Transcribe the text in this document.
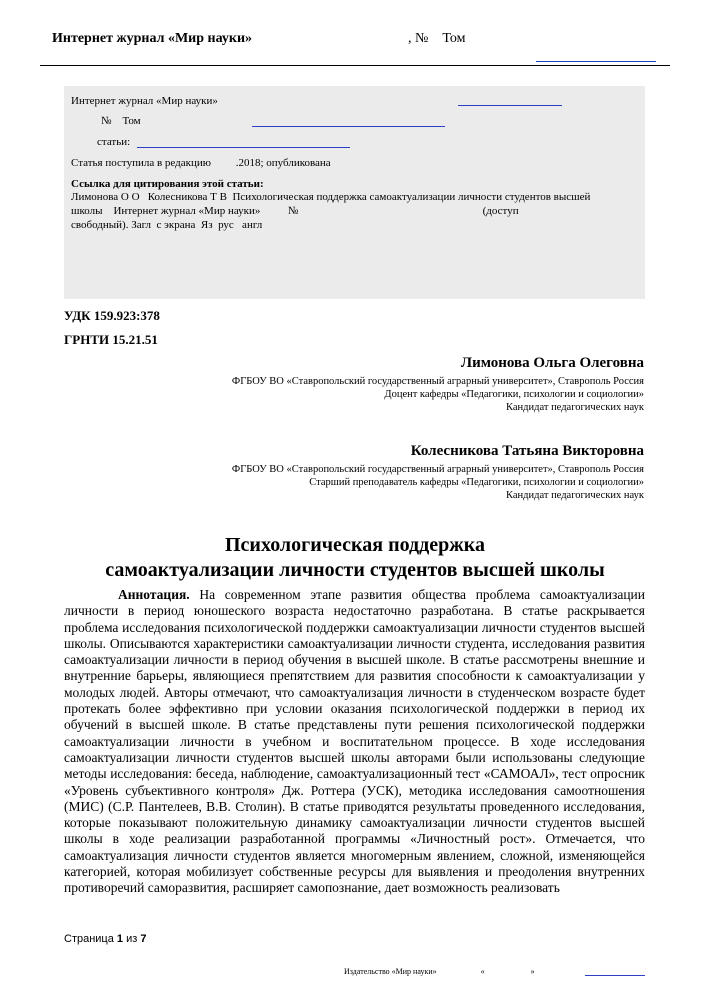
Интернет журнал «Мир науки»	, №    Том
Интернет журнал «Мир науки»
№    Том
статьи:
Статья поступила в редакцию         .2018; опубликована
Ссылка для цитирования этой статьи:
Лимонова О О   Колесникова Т В  Психологическая поддержка самоактуализации личности студентов высшей
школы    Интернет журнал «Мир науки»          №                                                                   (доступ
свободный). Загл  с экрана  Яз  рус   англ
УДК 159.923:378
ГРНТИ 15.21.51
Лимонова Ольга Олеговна
ФГБОУ ВО «Ставропольский государственный аграрный университет», Ставрополь Россия
Доцент кафедры «Педагогики, психологии и социологии»
Кандидат педагогических наук
Колесникова Татьяна Викторовна
ФГБОУ ВО «Ставропольский государственный аграрный университет», Ставрополь Россия
Старший преподаватель кафедры «Педагогики, психологии и социологии»
Кандидат педагогических наук
Психологическая поддержка
самоактуализации личности студентов высшей школы
Аннотация. На современном этапе развития общества проблема самоактуализации личности в период юношеского возраста недостаточно разработана. В статье раскрывается проблема исследования психологической поддержки самоактуализации личности студентов высшей школы. Описываются характеристики самоактуализации личности студента, исследования развития самоактуализации личности в период обучения в высшей школе. В статье рассмотрены внешние и внутренние барьеры, являющиеся препятствием для развития способности к самоактуализации у молодых людей. Авторы отмечают, что самоактуализация личности в студенческом возрасте будет протекать более эффективно при условии оказания психологической поддержки в период их обучений в высшей школе. В статье представлены пути решения психологической поддержки самоактуализации личности в учебном и воспитательном процессе. В ходе исследования самоактуализации личности студентов высшей школы авторами были использованы следующие методы исследования: беседа, наблюдение, самоактуализационный тест «САМОАЛ», тест опросник «Уровень субъективного контроля» Дж. Роттера (УСК), методика исследования самоотношения (МИС) (С.Р. Пантелеев, В.В. Столин). В статье приводятся результаты проведенного исследования, которые показывают положительную динамику самоактуализации личности студентов высшей школы в ходе реализации разработанной программы «Личностный рост». Отмечается, что самоактуализация личности студентов является многомерным явлением, сложной, изменяющейся категорией, которая мобилизует собственные ресурсы для выявления и преодоления внутренних противоречий саморазвития, расширяет самопознание, дает возможность реализовать
Страница 1 из 7
Издательство «Мир науки»                      «                       »
